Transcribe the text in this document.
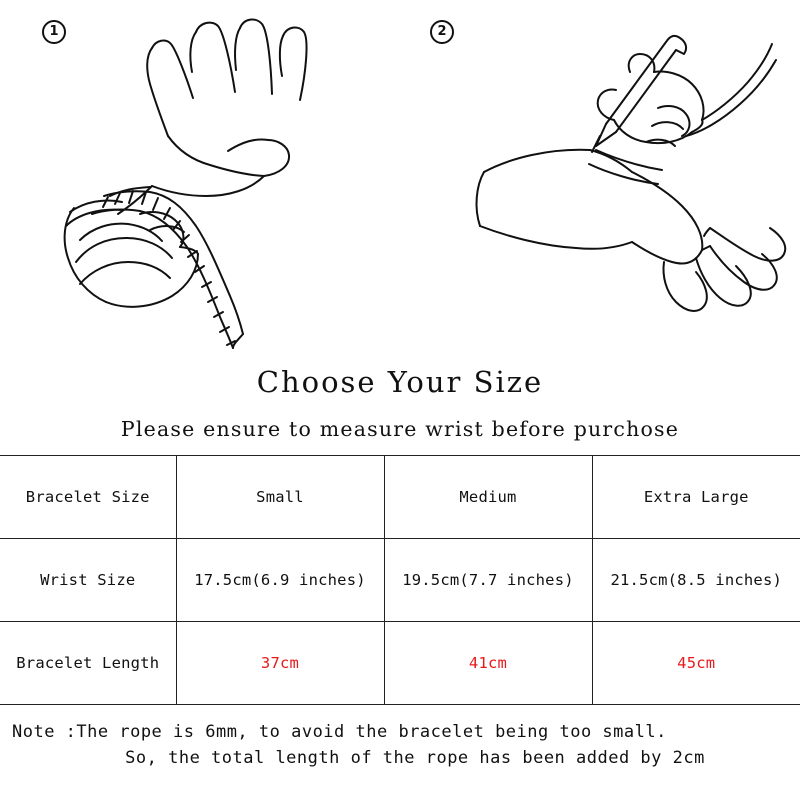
1	2
Choose Your Size
Please ensure to measure wrist before purchose
Bracelet Size	Small	Medium	Extra Large
Wrist Size	17.5cm(6.9 inches)	19.5cm(7.7 inches)	21.5cm(8.5 inches)
Bracelet Length	37cm	41cm	45cm
Note :The rope is 6mm, to avoid the bracelet being too small.
So, the total length of the rope has been added by 2cm
